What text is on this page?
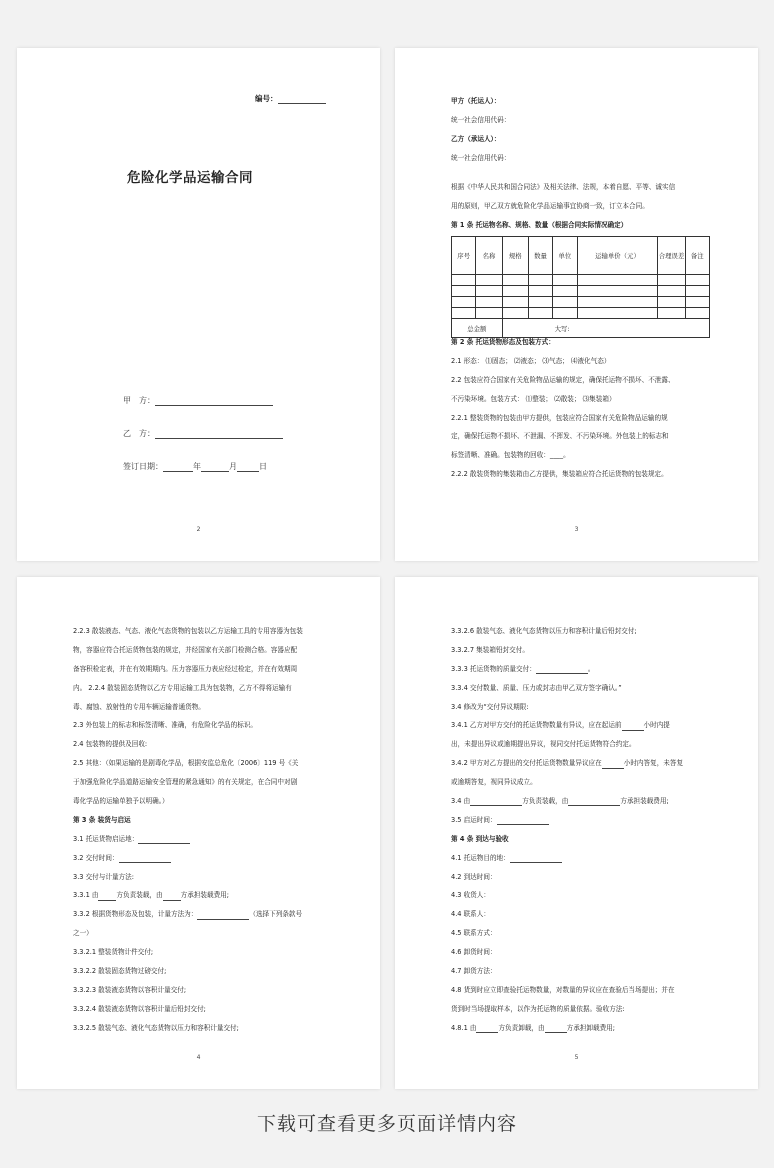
编号：
危险化学品运输合同
甲　方：
乙　方：
签订日期：	年	月	日
2
甲方（托运人）：
统一社会信用代码：
乙方（承运人）：
统一社会信用代码：
根据《中华人民共和国合同法》及相关法律、法规，本着自愿、平等、诚实信
用的原则，甲乙双方就危险化学品运输事宜协商一致，订立本合同。
第 1 条 托运物名称、规格、数量（根据合同实际情况确定）
序号	名称	规格	数量	单位	运输单价（元）	合理误差	备注

总金额		大写:					
第 2 条 托运货物形态及包装方式：
2.1 形态： ⑴固态； ⑵液态； ⑶气态； ⑷液化气态）
2.2 包装应符合国家有关危险物品运输的规定，确保托运物不损坏、不泄露、
不污染环境。包装方式： ⑴整装； ⑵散装； ⑶集装箱）
2.2.1 整装货物的包装由甲方提供，包装应符合国家有关危险物品运输的规
定，确保托运物不损坏、不泄漏、不挥发、不污染环境。外包装上的标志和
标签清晰、准确。包装物的回收：____。
2.2.2 散装货物的集装箱由乙方提供，集装箱应符合托运货物的包装规定。
3
2.2.3 散装液态、气态、液化气态货物的包装以乙方运输工具的专用容器为包装
物，容器应符合托运货物包装的规定，并经国家有关部门检测合格。容器应配
备容积检定表，并在有效期期内。压力容器压力表应经过检定，并在有效期周
内。 2.2.4 散装固态货物以乙方专用运输工具为包装物，乙方不得将运输有
毒、腐蚀、放射性的专用车辆运输普通货物。
2.3 外包装上的标志和标签清晰、准确，有危险化学品的标识。
2.4 包装物的提供及回收:
2.5 其他：（如果运输的是剧毒化学品，根据安监总危化〔2006〕119 号《关
于加强危险化学品道路运输安全管理的紧急通知》的有关规定，在合同中对剧
毒化学品的运输单独予以明确。）
第 3 条 装货与启运
3.1 托运货物启运地：
3.2 交付时间：
3.3 交付与计量方法:
3.3.1 由	方负责装载，由	方承担装载费用;
3.3.2 根据货物形态及包装，计量方法为：	（选择下列条款号
之一）
3.3.2.1 整装货物计件交付;
3.3.2.2 散装固态货物过磅交付;
3.3.2.3 散装液态货物以容积计量交付;
3.3.2.4 散装液态货物以容积计量后铅封交付;
3.3.2.5 散装气态、液化气态货物以压力和容积计量交付;
4
3.3.2.6 散装气态、液化气态货物以压力和容积计量后铅封交付;
3.3.2.7 集装箱铅封交付。
3.3.3 托运货物的质量交付：	。
3.3.4 交付数量、质量、压力或封志由甲乙双方签字确认。”
3.4 修改为“交付异议期限:
3.4.1 乙方对甲方交付的托运货物数量有异议，应在起运前	小时内提
出，未提出异议或逾期提出异议，视同交付托运货物符合约定。
3.4.2 甲方对乙方提出的交付托运货物数量异议应在	小时内答复，未答复
或逾期答复，视同异议成立。
3.4 由	方负责装载，由	方承担装载费用;
3.5 启运时间：
第 4 条 到达与验收
4.1 托运物目的地：
4.2 到达时间：
4.3 收货人：
4.4 联系人：
4.5 联系方式：
4.6 卸货时间：
4.7 卸货方法：
4.8 货到时应立即查验托运物数量，对数量的异议应在查验后当场提出；并在
货到时当场提取样本，以作为托运物的质量依据。验收方法:
4.8.1 由	方负责卸载，由	方承担卸载费用;
5
下载可查看更多页面详情内容
